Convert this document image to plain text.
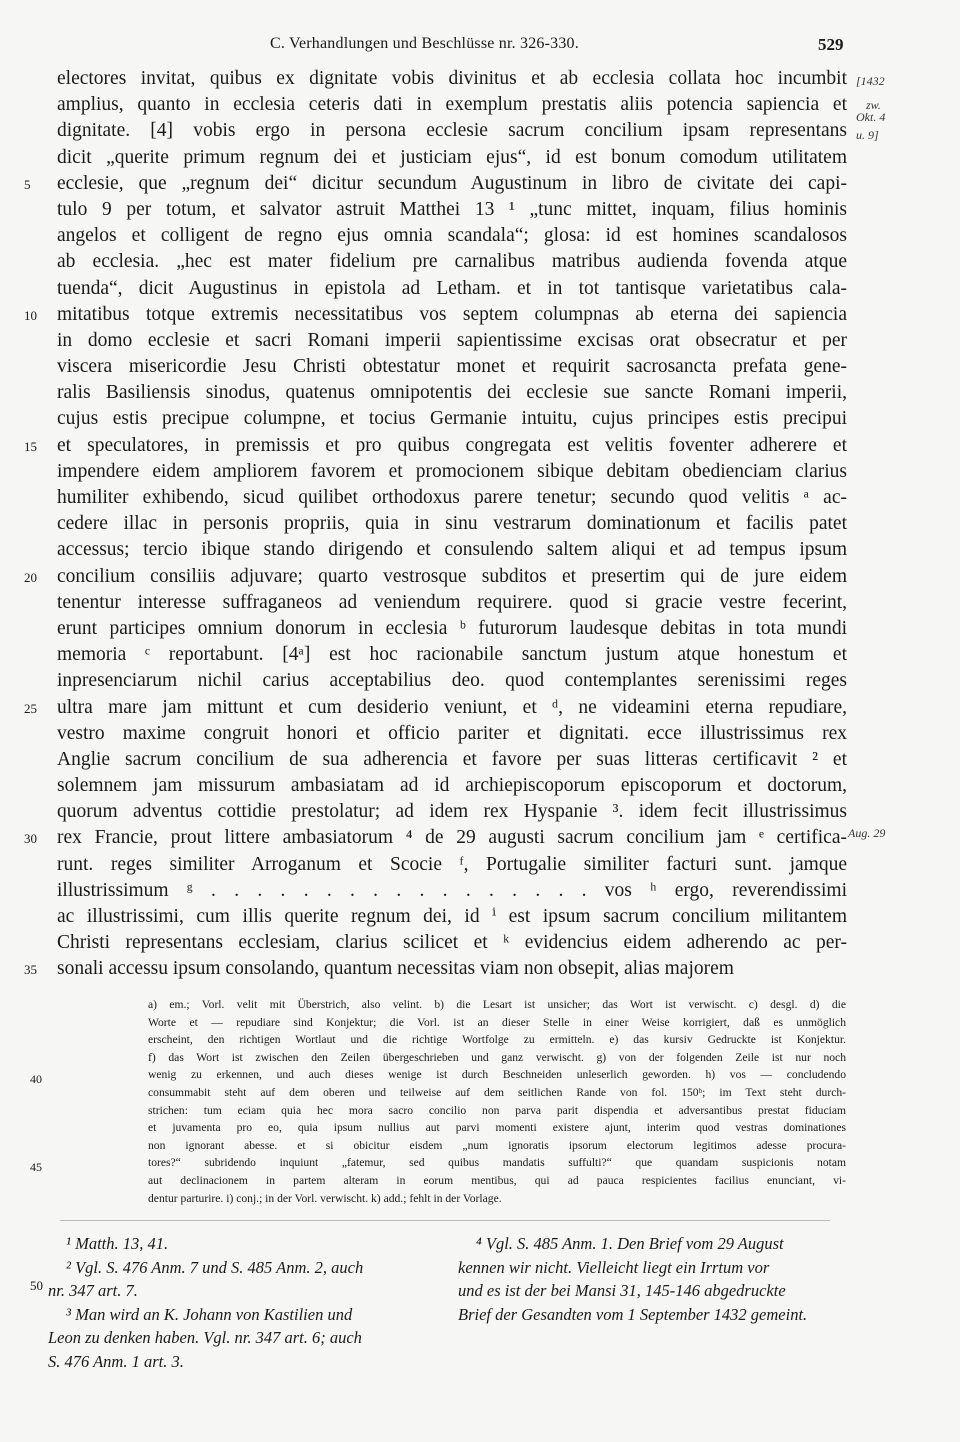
C. Verhandlungen und Beschlüsse nr. 326-330.	529
[1432
zw.
Okt. 4
u. 9]
Aug. 29
electores invitat, quibus ex dignitate vobis divinitus et ab ecclesia collata hoc incumbit
amplius, quanto in ecclesia ceteris dati in exemplum prestatis aliis potencia sapiencia et
dignitate. [4] vobis ergo in persona ecclesie sacrum concilium ipsam representans
dicit „querite primum regnum dei et justiciam ejus“, id est bonum comodum utilitatem
5	ecclesie, que „regnum dei“ dicitur secundum Augustinum in libro de civitate dei capi-
tulo 9 per totum, et salvator astruit Matthei 13 ¹ „tunc mittet, inquam, filius hominis
angelos et colligent de regno ejus omnia scandala“; glosa: id est homines scandalosos
ab ecclesia. „hec est mater fidelium pre carnalibus matribus audienda fovenda atque
tuenda“, dicit Augustinus in epistola ad Letham. et in tot tantisque varietatibus cala-
10	mitatibus totque extremis necessitatibus vos septem columpnas ab eterna dei sapiencia
in domo ecclesie et sacri Romani imperii sapientissime excisas orat obsecratur et per
viscera misericordie Jesu Christi obtestatur monet et requirit sacrosancta prefata gene-
ralis Basiliensis sinodus, quatenus omnipotentis dei ecclesie sue sancte Romani imperii,
cujus estis precipue columpne, et tocius Germanie intuitu, cujus principes estis precipui
15	et speculatores, in premissis et pro quibus congregata est velitis foventer adherere et
impendere eidem ampliorem favorem et promocionem sibique debitam obedienciam clarius
humiliter exhibendo, sicud quilibet orthodoxus parere tenetur; secundo quod velitis ᵃ ac-
cedere illac in personis propriis, quia in sinu vestrarum dominationum et facilis patet
accessus; tercio ibique stando dirigendo et consulendo saltem aliqui et ad tempus ipsum
20	concilium consiliis adjuvare; quarto vestrosque subditos et presertim qui de jure eidem
tenentur interesse suffraganeos ad veniendum requirere. quod si gracie vestre fecerint,
erunt participes omnium donorum in ecclesia ᵇ futurorum laudesque debitas in tota mundi
memoria ᶜ reportabunt. [4ᵃ] est hoc racionabile sanctum justum atque honestum et
inpresenciarum nichil carius acceptabilius deo. quod contemplantes serenissimi reges
25	ultra mare jam mittunt et cum desiderio veniunt, et ᵈ, ne videamini eterna repudiare,
vestro maxime congruit honori et officio pariter et dignitati. ecce illustrissimus rex
Anglie sacrum concilium de sua adherencia et favore per suas litteras certificavit ² et
solemnem jam missurum ambasiatam ad id archiepiscoporum episcoporum et doctorum,
quorum adventus cottidie prestolatur; ad idem rex Hyspanie ³. idem fecit illustrissimus
30	rex Francie, prout littere ambasiatorum ⁴ de 29 augusti sacrum concilium jam ᵉ certifica-
runt. reges similiter Arroganum et Scocie ᶠ, Portugalie similiter facturi sunt. jamque
illustrissimum ᵍ . . . . . . . . . . . . . . . . . vos ʰ ergo, reverendissimi
ac illustrissimi, cum illis querite regnum dei, id ⁱ est ipsum sacrum concilium militantem
Christi representans ecclesiam, clarius scilicet et ᵏ evidencius eidem adherendo ac per-
35	sonali accessu ipsum consolando, quantum necessitas viam non obsepit, alias majorem
40
45
a) em.; Vorl. velit mit Überstrich, also velint. b) die Lesart ist unsicher; das Wort ist verwischt. c) desgl. d) die
Worte et — repudiare sind Konjektur; die Vorl. ist an dieser Stelle in einer Weise korrigiert, daß es unmöglich
erscheint, den richtigen Wortlaut und die richtige Wortfolge zu ermitteln. e) das kursiv Gedruckte ist Konjektur.
f) das Wort ist zwischen den Zeilen übergeschrieben und ganz verwischt. g) von der folgenden Zeile ist nur noch
wenig zu erkennen, und auch dieses wenige ist durch Beschneiden unleserlich geworden. h) vos — concludendo
consummabit steht auf dem oberen und teilweise auf dem seitlichen Rande von fol. 150ᵇ; im Text steht durch-
strichen: tum eciam quia hec mora sacro concilio non parva parit dispendia et adversantibus prestat fiduciam
et juvamenta pro eo, quia ipsum nullius aut parvi momenti existere ajunt, interim quod vestras dominationes
non ignorant abesse. et si obicitur eisdem „num ignoratis ipsorum electorum legitimos adesse procura-
tores?“ subridendo inquiunt „fatemur, sed quibus mandatis suffulti?“ que quandam suspicionis notam
aut declinacionem in partem alteram in eorum mentibus, qui ad pauca respicientes facilius enunciant, vi-
dentur parturire. i) conj.; in der Vorl. verwischt. k) add.; fehlt in der Vorlage.
50
¹ Matth. 13, 41.
² Vgl. S. 476 Anm. 7 und S. 485 Anm. 2, auch
nr. 347 art. 7.
³ Man wird an K. Johann von Kastilien und
Leon zu denken haben. Vgl. nr. 347 art. 6; auch
S. 476 Anm. 1 art. 3.
⁴ Vgl. S. 485 Anm. 1. Den Brief vom 29 August
kennen wir nicht. Vielleicht liegt ein Irrtum vor
und es ist der bei Mansi 31, 145-146 abgedruckte
Brief der Gesandten vom 1 September 1432 gemeint.
